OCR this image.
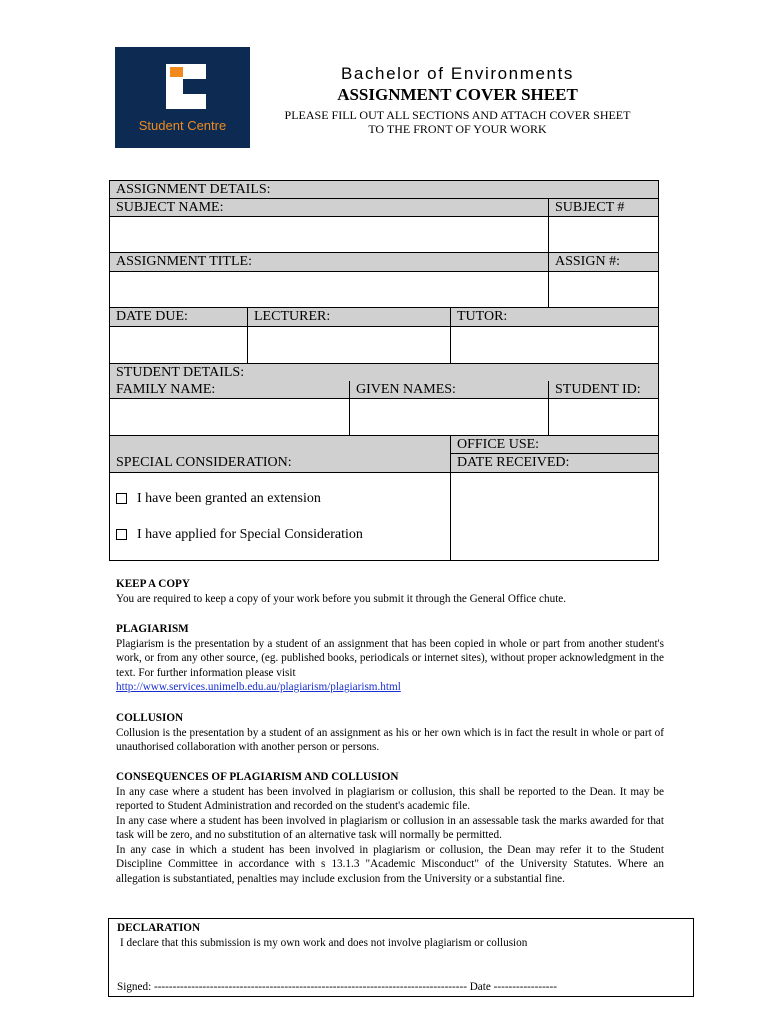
Student Centre
Bachelor of Environments
ASSIGNMENT COVER SHEET
PLEASE FILL OUT ALL SECTIONS AND ATTACH COVER SHEET
TO THE FRONT OF YOUR WORK
ASSIGNMENT DETAILS:
SUBJECT NAME:	SUBJECT #
ASSIGNMENT TITLE:	ASSIGN #:
DATE DUE:	LECTURER:	TUTOR:
STUDENT DETAILS:
FAMILY NAME:	GIVEN NAMES:	STUDENT ID:
OFFICE USE:
SPECIAL CONSIDERATION:	DATE RECEIVED:
I have been granted an extension
I have applied for Special Consideration
KEEP A COPY
You are required to keep a copy of your work before you submit it through the General Office chute.
PLAGIARISM
Plagiarism is the presentation by a student of an assignment that has been copied in whole or part from another student's work, or from any other source, (eg. published books, periodicals or internet sites), without proper acknowledgment in the text. For further information please visit
http://www.services.unimelb.edu.au/plagiarism/plagiarism.html
COLLUSION
Collusion is the presentation by a student of an assignment as his or her own which is in fact the result in whole or part of unauthorised collaboration with another person or persons.
CONSEQUENCES OF PLAGIARISM AND COLLUSION
In any case where a student has been involved in plagiarism or collusion, this shall be reported to the Dean. It may be reported to Student Administration and recorded on the student's academic file.
In any case where a student has been involved in plagiarism or collusion in an assessable task the marks awarded for that task will be zero, and no substitution of an alternative task will normally be permitted.
In any case in which a student has been involved in plagiarism or collusion, the Dean may refer it to the Student Discipline Committee in accordance with s 13.1.3 "Academic Misconduct" of the University Statutes. Where an allegation is substantiated, penalties may include exclusion from the University or a substantial fine.
DECLARATION
I declare that this submission is my own work and does not involve plagiarism or collusion
Signed: ------------------------------------------------------------------------------------ Date -----------------
